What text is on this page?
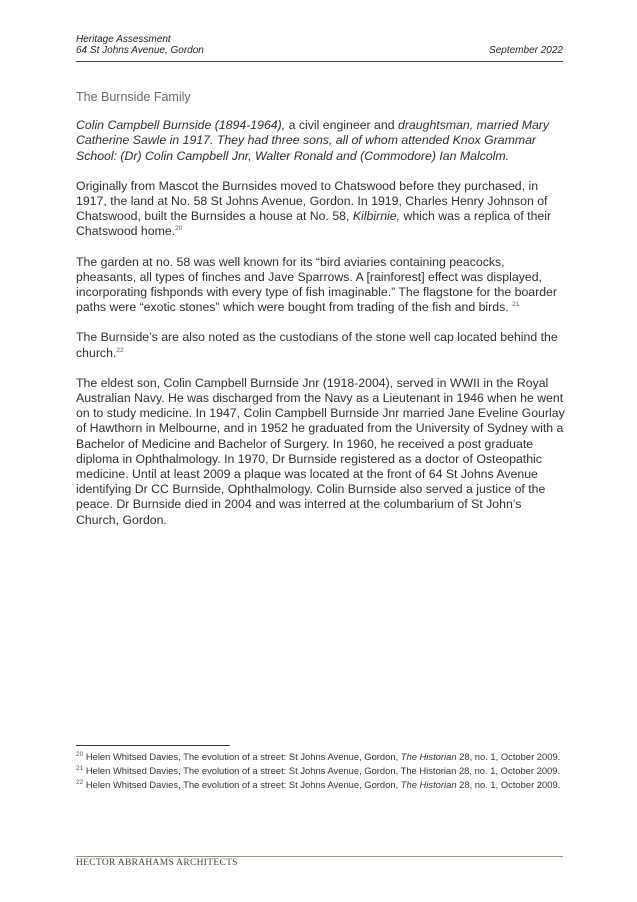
Heritage Assessment
64 St Johns Avenue, Gordon	September 2022
The Burnside Family

Colin Campbell Burnside (1894-1964), a civil engineer and draughtsman, married Mary Catherine Sawle in 1917. They had three sons, all of whom attended Knox Grammar School: (Dr) Colin Campbell Jnr, Walter Ronald and (Commodore) Ian Malcolm.

Originally from Mascot the Burnsides moved to Chatswood before they purchased, in 1917, the land at No. 58 St Johns Avenue, Gordon. In 1919, Charles Henry Johnson of Chatswood, built the Burnsides a house at No. 58, Kilbirnie, which was a replica of their Chatswood home.$^{20}$

The garden at no. 58 was well known for its “bird aviaries containing peacocks, pheasants, all types of finches and Jave Sparrows. A [rainforest] effect was displayed, incorporating fishponds with every type of fish imaginable.” The flagstone for the boarder paths were “exotic stones” which were bought from trading of the fish and birds. $^{21}$

The Burnside’s are also noted as the custodians of the stone well cap located behind the church.$^{22}$

The eldest son, Colin Campbell Burnside Jnr (1918-2004), served in WWII in the Royal Australian Navy. He was discharged from the Navy as a Lieutenant in 1946 when he went on to study medicine. In 1947, Colin Campbell Burnside Jnr married Jane Eveline Gourlay of Hawthorn in Melbourne, and in 1952 he graduated from the University of Sydney with a Bachelor of Medicine and Bachelor of Surgery. In 1960, he received a post graduate diploma in Ophthalmology. In 1970, Dr Burnside registered as a doctor of Osteopathic medicine. Until at least 2009 a plaque was located at the front of 64 St Johns Avenue identifying Dr CC Burnside, Ophthalmology. Colin Burnside also served a justice of the peace. Dr Burnside died in 2004 and was interred at the columbarium of St John’s Church, Gordon.

$^{20}$ Helen Whitsed Davies, The evolution of a street: St Johns Avenue, Gordon, The Historian 28, no. 1, October 2009.
$^{21}$ Helen Whitsed Davies, The evolution of a street: St Johns Avenue, Gordon, The Historian 28, no. 1, October 2009.
$^{22}$ Helen Whitsed Davies, The evolution of a street: St Johns Avenue, Gordon, The Historian 28, no. 1, October 2009.
HECTOR ABRAHAMS ARCHITECTS
